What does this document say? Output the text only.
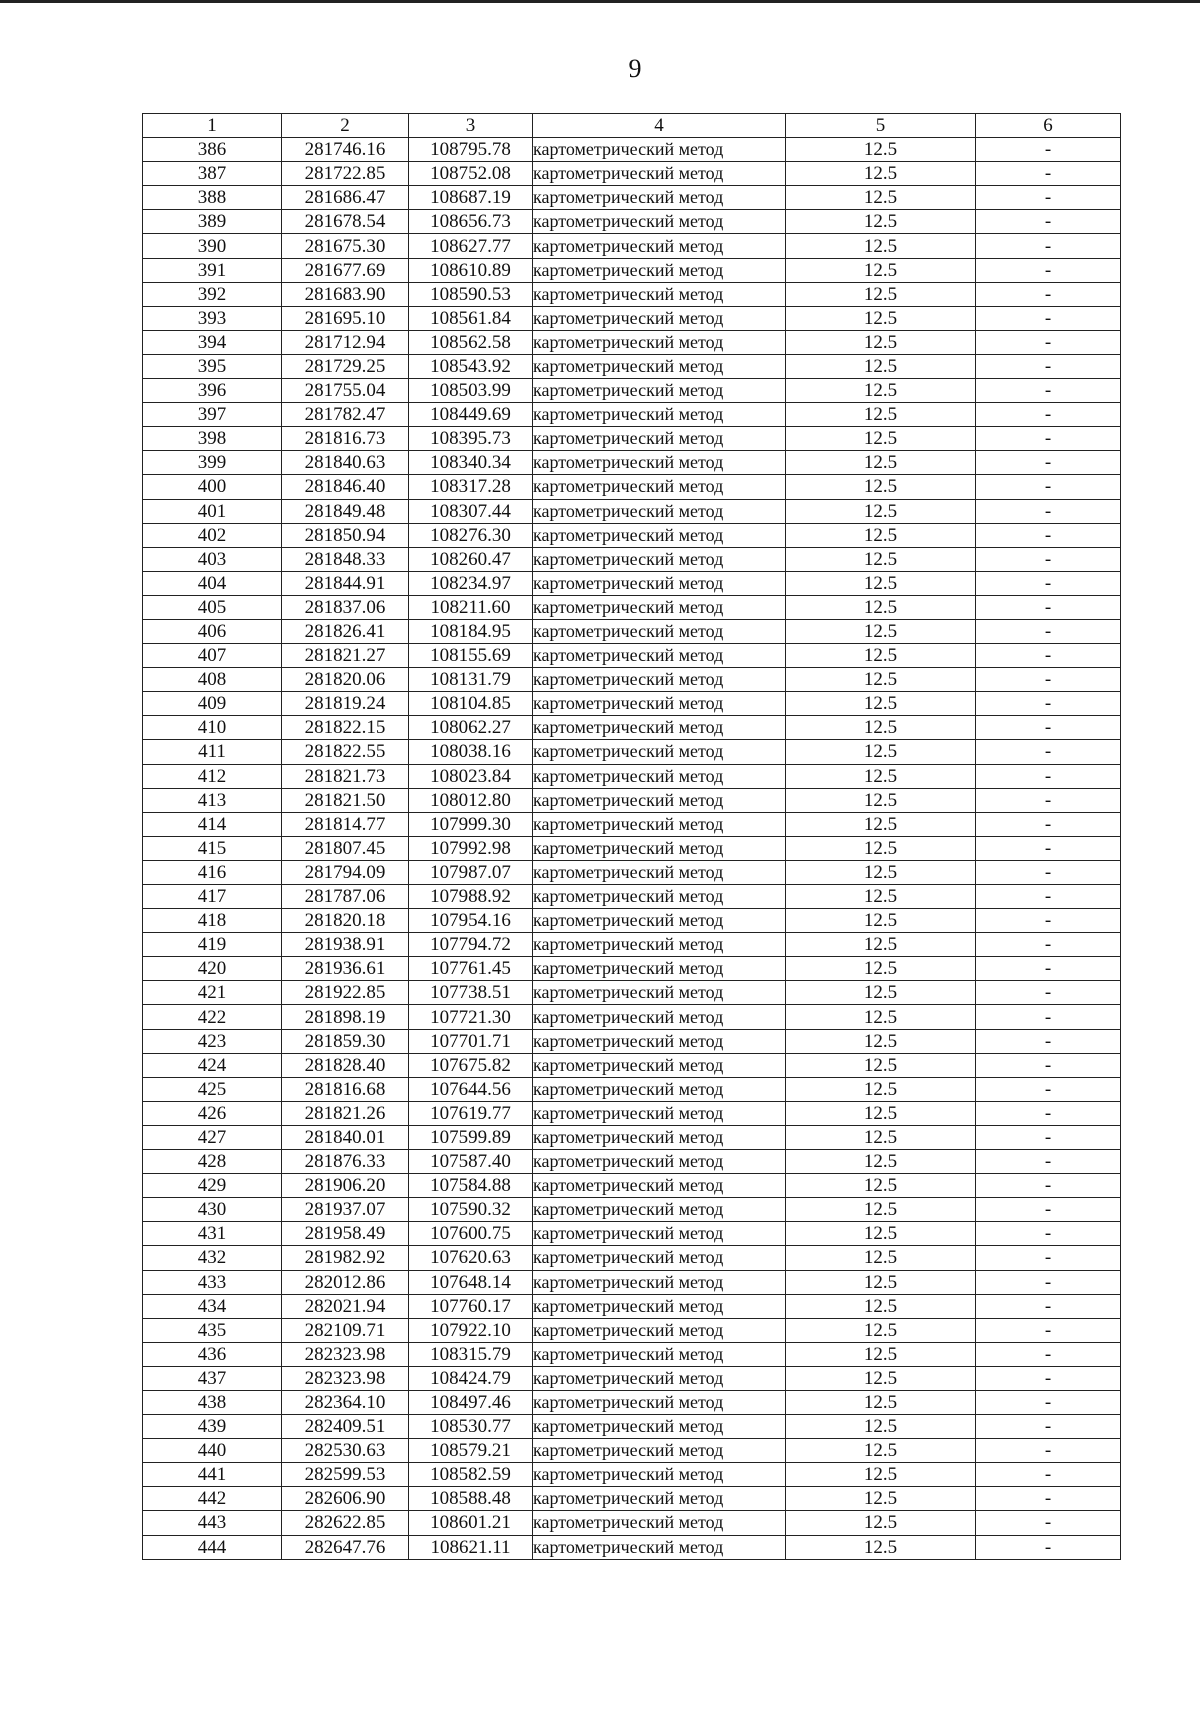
9
1	2	3	4	5	6
386	281746.16	108795.78	картометрический метод	12.5	-
387	281722.85	108752.08	картометрический метод	12.5	-
388	281686.47	108687.19	картометрический метод	12.5	-
389	281678.54	108656.73	картометрический метод	12.5	-
390	281675.30	108627.77	картометрический метод	12.5	-
391	281677.69	108610.89	картометрический метод	12.5	-
392	281683.90	108590.53	картометрический метод	12.5	-
393	281695.10	108561.84	картометрический метод	12.5	-
394	281712.94	108562.58	картометрический метод	12.5	-
395	281729.25	108543.92	картометрический метод	12.5	-
396	281755.04	108503.99	картометрический метод	12.5	-
397	281782.47	108449.69	картометрический метод	12.5	-
398	281816.73	108395.73	картометрический метод	12.5	-
399	281840.63	108340.34	картометрический метод	12.5	-
400	281846.40	108317.28	картометрический метод	12.5	-
401	281849.48	108307.44	картометрический метод	12.5	-
402	281850.94	108276.30	картометрический метод	12.5	-
403	281848.33	108260.47	картометрический метод	12.5	-
404	281844.91	108234.97	картометрический метод	12.5	-
405	281837.06	108211.60	картометрический метод	12.5	-
406	281826.41	108184.95	картометрический метод	12.5	-
407	281821.27	108155.69	картометрический метод	12.5	-
408	281820.06	108131.79	картометрический метод	12.5	-
409	281819.24	108104.85	картометрический метод	12.5	-
410	281822.15	108062.27	картометрический метод	12.5	-
411	281822.55	108038.16	картометрический метод	12.5	-
412	281821.73	108023.84	картометрический метод	12.5	-
413	281821.50	108012.80	картометрический метод	12.5	-
414	281814.77	107999.30	картометрический метод	12.5	-
415	281807.45	107992.98	картометрический метод	12.5	-
416	281794.09	107987.07	картометрический метод	12.5	-
417	281787.06	107988.92	картометрический метод	12.5	-
418	281820.18	107954.16	картометрический метод	12.5	-
419	281938.91	107794.72	картометрический метод	12.5	-
420	281936.61	107761.45	картометрический метод	12.5	-
421	281922.85	107738.51	картометрический метод	12.5	-
422	281898.19	107721.30	картометрический метод	12.5	-
423	281859.30	107701.71	картометрический метод	12.5	-
424	281828.40	107675.82	картометрический метод	12.5	-
425	281816.68	107644.56	картометрический метод	12.5	-
426	281821.26	107619.77	картометрический метод	12.5	-
427	281840.01	107599.89	картометрический метод	12.5	-
428	281876.33	107587.40	картометрический метод	12.5	-
429	281906.20	107584.88	картометрический метод	12.5	-
430	281937.07	107590.32	картометрический метод	12.5	-
431	281958.49	107600.75	картометрический метод	12.5	-
432	281982.92	107620.63	картометрический метод	12.5	-
433	282012.86	107648.14	картометрический метод	12.5	-
434	282021.94	107760.17	картометрический метод	12.5	-
435	282109.71	107922.10	картометрический метод	12.5	-
436	282323.98	108315.79	картометрический метод	12.5	-
437	282323.98	108424.79	картометрический метод	12.5	-
438	282364.10	108497.46	картометрический метод	12.5	-
439	282409.51	108530.77	картометрический метод	12.5	-
440	282530.63	108579.21	картометрический метод	12.5	-
441	282599.53	108582.59	картометрический метод	12.5	-
442	282606.90	108588.48	картометрический метод	12.5	-
443	282622.85	108601.21	картометрический метод	12.5	-
444	282647.76	108621.11	картометрический метод	12.5	-
